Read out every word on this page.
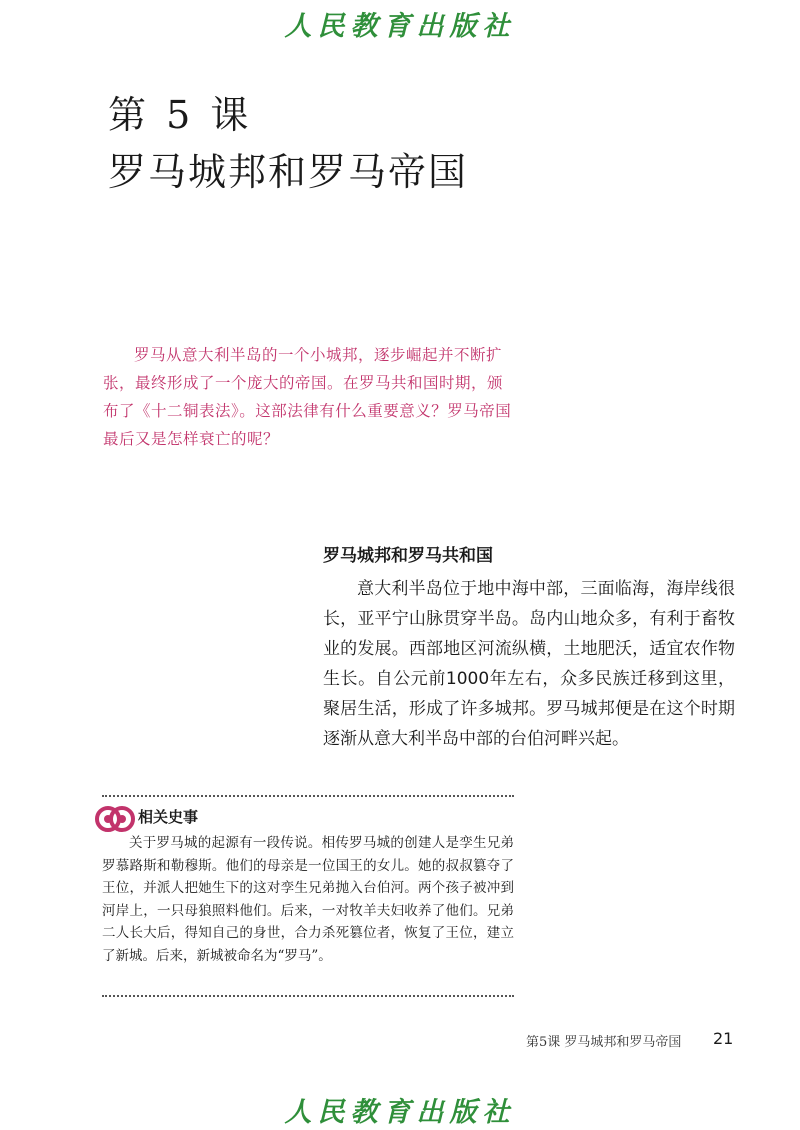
人民教育出版社
第 5 课
罗马城邦和罗马帝国

罗马从意大利半岛的一个小城邦，逐步崛起并不断扩张，最终形成了一个庞大的帝国。在罗马共和国时期，颁布了《十二铜表法》。这部法律有什么重要意义？罗马帝国最后又是怎样衰亡的呢？

罗马城邦和罗马共和国

意大利半岛位于地中海中部，三面临海，海岸线很长，亚平宁山脉贯穿半岛。岛内山地众多，有利于畜牧业的发展。西部地区河流纵横，土地肥沃，适宜农作物生长。自公元前1000年左右，众多民族迁移到这里，聚居生活，形成了许多城邦。罗马城邦便是在这个时期逐渐从意大利半岛中部的台伯河畔兴起。

相关史事

关于罗马城的起源有一段传说。相传罗马城的创建人是孪生兄弟罗慕路斯和勒穆斯。他们的母亲是一位国王的女儿。她的叔叔篡夺了王位，并派人把她生下的这对孪生兄弟抛入台伯河。两个孩子被冲到河岸上，一只母狼照料他们。后来，一对牧羊夫妇收养了他们。兄弟二人长大后，得知自己的身世，合力杀死篡位者，恢复了王位，建立了新城。后来，新城被命名为“罗马”。

第5课 罗马城邦和罗马帝国 21
人民教育出版社
